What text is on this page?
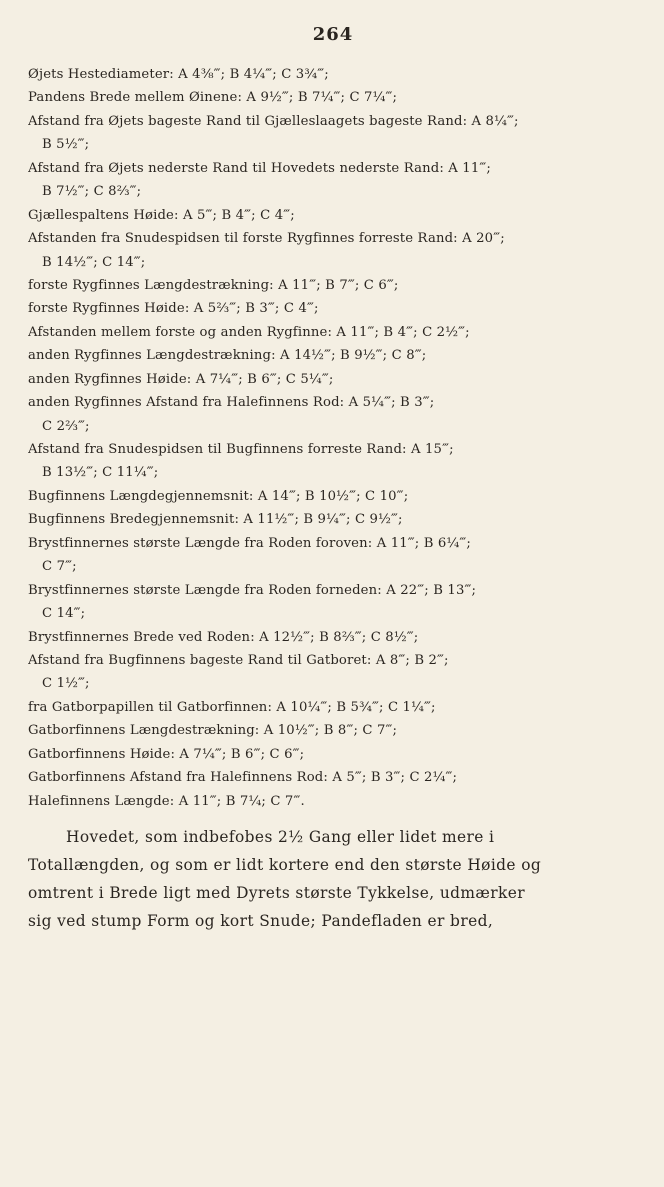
264
Øjets Hestediameter: A 4⅜‴; B 4¼‴; C 3¾‴;
Pandens Brede mellem Øinene: A 9½‴; B 7¼‴; C 7¼‴;
Afstand fra Øjets bageste Rand til Gjælleslaagets bageste Rand: A 8¼‴;
B 5½‴;
Afstand fra Øjets nederste Rand til Hovedets nederste Rand: A 11‴;
B 7½‴; C 8⅔‴;
Gjællespaltens Høide: A 5‴; B 4‴; C 4‴;
Afstanden fra Snudespidsen til forste Rygfinnes forreste Rand: A 20‴;
B 14½‴; C 14‴;
forste Rygfinnes Længdestrækning: A 11‴; B 7‴; C 6‴;
forste Rygfinnes Høide: A 5⅔‴; B 3‴; C 4‴;
Afstanden mellem forste og anden Rygfinne: A 11‴; B 4‴; C 2½‴;
anden Rygfinnes Længdestrækning: A 14½‴; B 9½‴; C 8‴;
anden Rygfinnes Høide: A 7¼‴; B 6‴; C 5¼‴;
anden Rygfinnes Afstand fra Halefinnens Rod: A 5¼‴; B 3‴;
C 2⅔‴;
Afstand fra Snudespidsen til Bugfinnens forreste Rand: A 15‴;
B 13½‴; C 11¼‴;
Bugfinnens Længdegjennemsnit: A 14‴; B 10½‴; C 10‴;
Bugfinnens Bredegjennemsnit: A 11½‴; B 9¼‴; C 9½‴;
Brystfinnernes største Længde fra Roden foroven: A 11‴; B 6¼‴;
C 7‴;
Brystfinnernes største Længde fra Roden forneden: A 22‴; B 13‴;
C 14‴;
Brystfinnernes Brede ved Roden: A 12½‴; B 8⅔‴; C 8½‴;
Afstand fra Bugfinnens bageste Rand til Gatboret: A 8‴; B 2‴;
C 1½‴;
fra Gatborpapillen til Gatborfinnen: A 10¼‴; B 5¾‴; C 1¼‴;
Gatborfinnens Længdestrækning: A 10½‴; B 8‴; C 7‴;
Gatborfinnens Høide: A 7¼‴; B 6‴; C 6‴;
Gatborfinnens Afstand fra Halefinnens Rod: A 5‴; B 3‴; C 2¼‴;
Halefinnens Længde: A 11‴; B 7¼; C 7‴.
Hovedet, som indbefobes 2½ Gang eller lidet mere i
Totallængden, og som er lidt kortere end den største Høide og
omtrent i Brede ligt med Dyrets største Tykkelse, udmærker
sig ved stump Form og kort Snude; Pandefladen er bred,
